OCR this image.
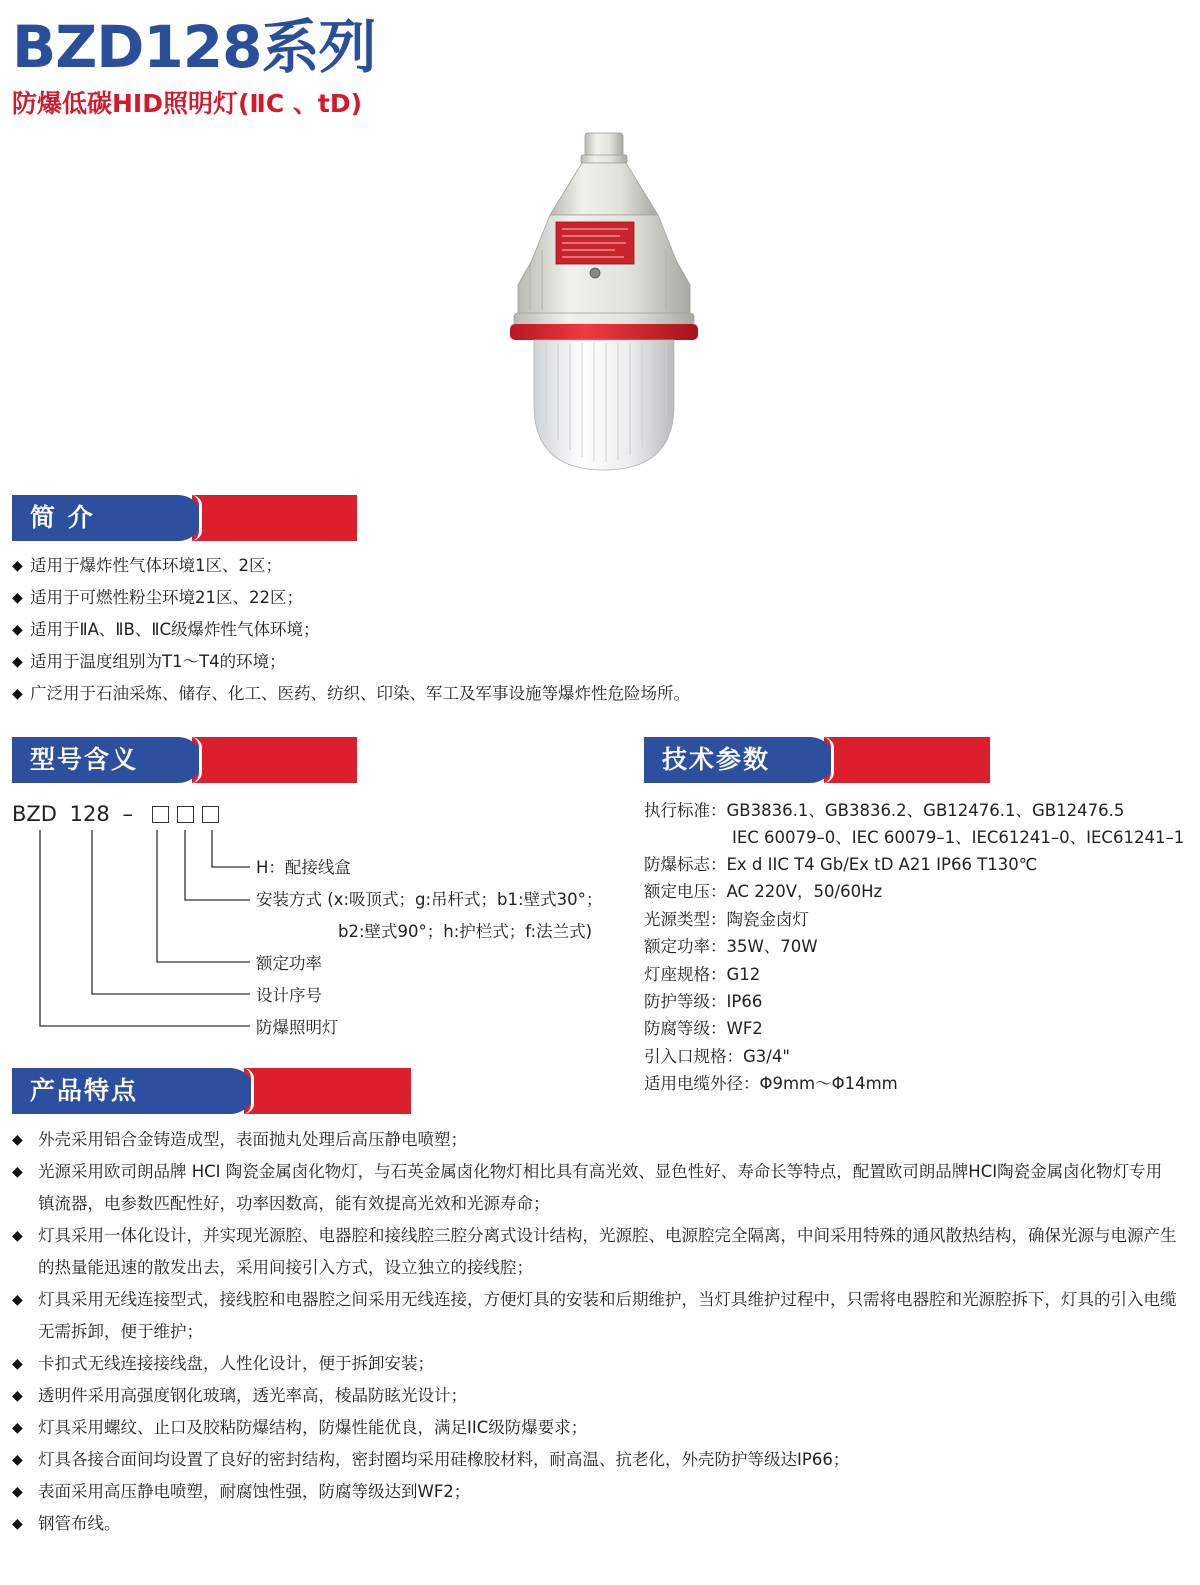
BZD128系列
防爆低碳HID照明灯(ⅡC 、tD)
简 介
◆ 适用于爆炸性气体环境1区、2区；
◆ 适用于可燃性粉尘环境21区、22区；
◆ 适用于ⅡA、ⅡB、ⅡC级爆炸性气体环境；
◆ 适用于温度组别为T1～T4的环境；
◆ 广泛用于石油采炼、储存、化工、医药、纺织、印染、军工及军事设施等爆炸性危险场所。
型号含义
BZD 128 –
H：配接线盒
安装方式 (x:吸顶式；g:吊杆式；b1:壁式30°；
b2:壁式90°；h:护栏式；f:法兰式)
额定功率
设计序号
防爆照明灯
技术参数
执行标准：GB3836.1、GB3836.2、GB12476.1、GB12476.5
IEC 60079–0、IEC 60079–1、IEC61241–0、IEC61241–1
防爆标志：Ex d IIC T4 Gb/Ex tD A21 IP66 T130℃
额定电压：AC 220V，50/60Hz
光源类型：陶瓷金卤灯
额定功率：35W、70W
灯座规格：G12
防护等级：IP66
防腐等级：WF2
引入口规格：G3/4"
适用电缆外径：Φ9mm～Φ14mm
产品特点
◆ 外壳采用铝合金铸造成型，表面抛丸处理后高压静电喷塑；
◆ 光源采用欧司朗品牌 HCI 陶瓷金属卤化物灯，与石英金属卤化物灯相比具有高光效、显色性好、寿命长等特点，配置欧司朗品牌HCI陶瓷金属卤化物灯专用镇流器，电参数匹配性好，功率因数高，能有效提高光效和光源寿命；
◆ 灯具采用一体化设计，并实现光源腔、电器腔和接线腔三腔分离式设计结构，光源腔、电源腔完全隔离，中间采用特殊的通风散热结构，确保光源与电源产生的热量能迅速的散发出去，采用间接引入方式，设立独立的接线腔；
◆ 灯具采用无线连接型式，接线腔和电器腔之间采用无线连接，方便灯具的安装和后期维护，当灯具维护过程中，只需将电器腔和光源腔拆下，灯具的引入电缆无需拆卸，便于维护；
◆ 卡扣式无线连接接线盘，人性化设计，便于拆卸安装；
◆ 透明件采用高强度钢化玻璃，透光率高，棱晶防眩光设计；
◆ 灯具采用螺纹、止口及胶粘防爆结构，防爆性能优良，满足IIC级防爆要求；
◆ 灯具各接合面间均设置了良好的密封结构，密封圈均采用硅橡胶材料，耐高温、抗老化，外壳防护等级达IP66；
◆ 表面采用高压静电喷塑，耐腐蚀性强，防腐等级达到WF2；
◆ 钢管布线。
